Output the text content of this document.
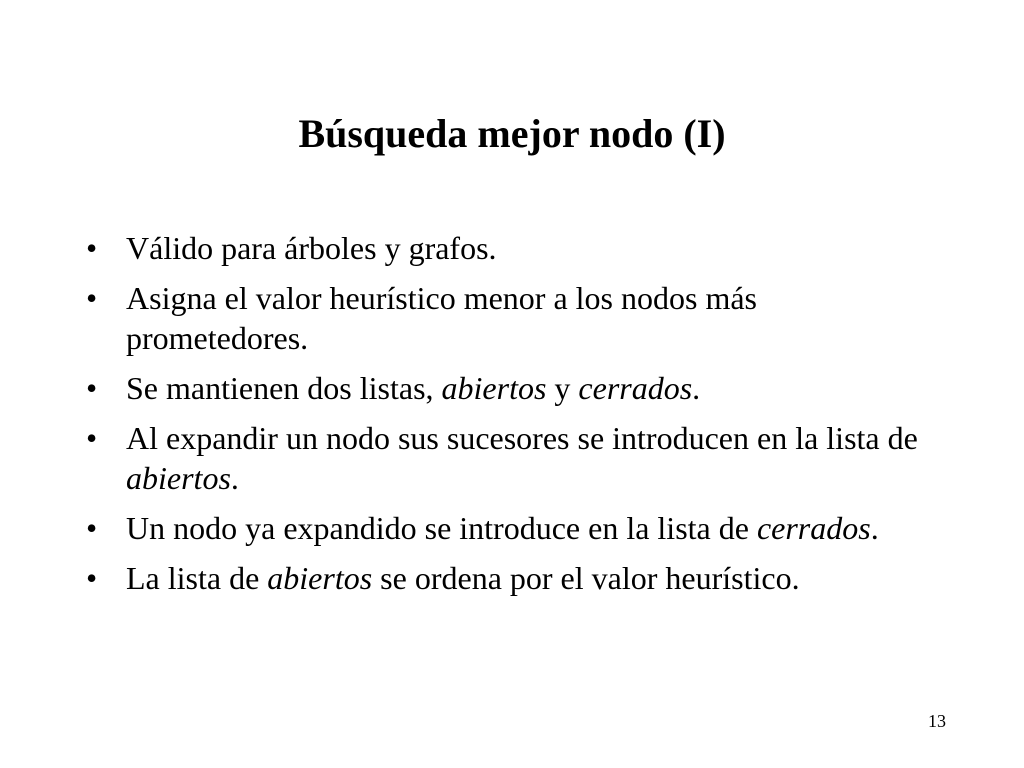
Búsqueda mejor nodo (I)
• Válido para árboles y grafos.
• Asigna el valor heurístico menor a los nodos más prometedores.
• Se mantienen dos listas, abiertos y cerrados.
• Al expandir un nodo sus sucesores se introducen en la lista de abiertos.
• Un nodo ya expandido se introduce en la lista de cerrados.
• La lista de abiertos se ordena por el valor heurístico.
13
